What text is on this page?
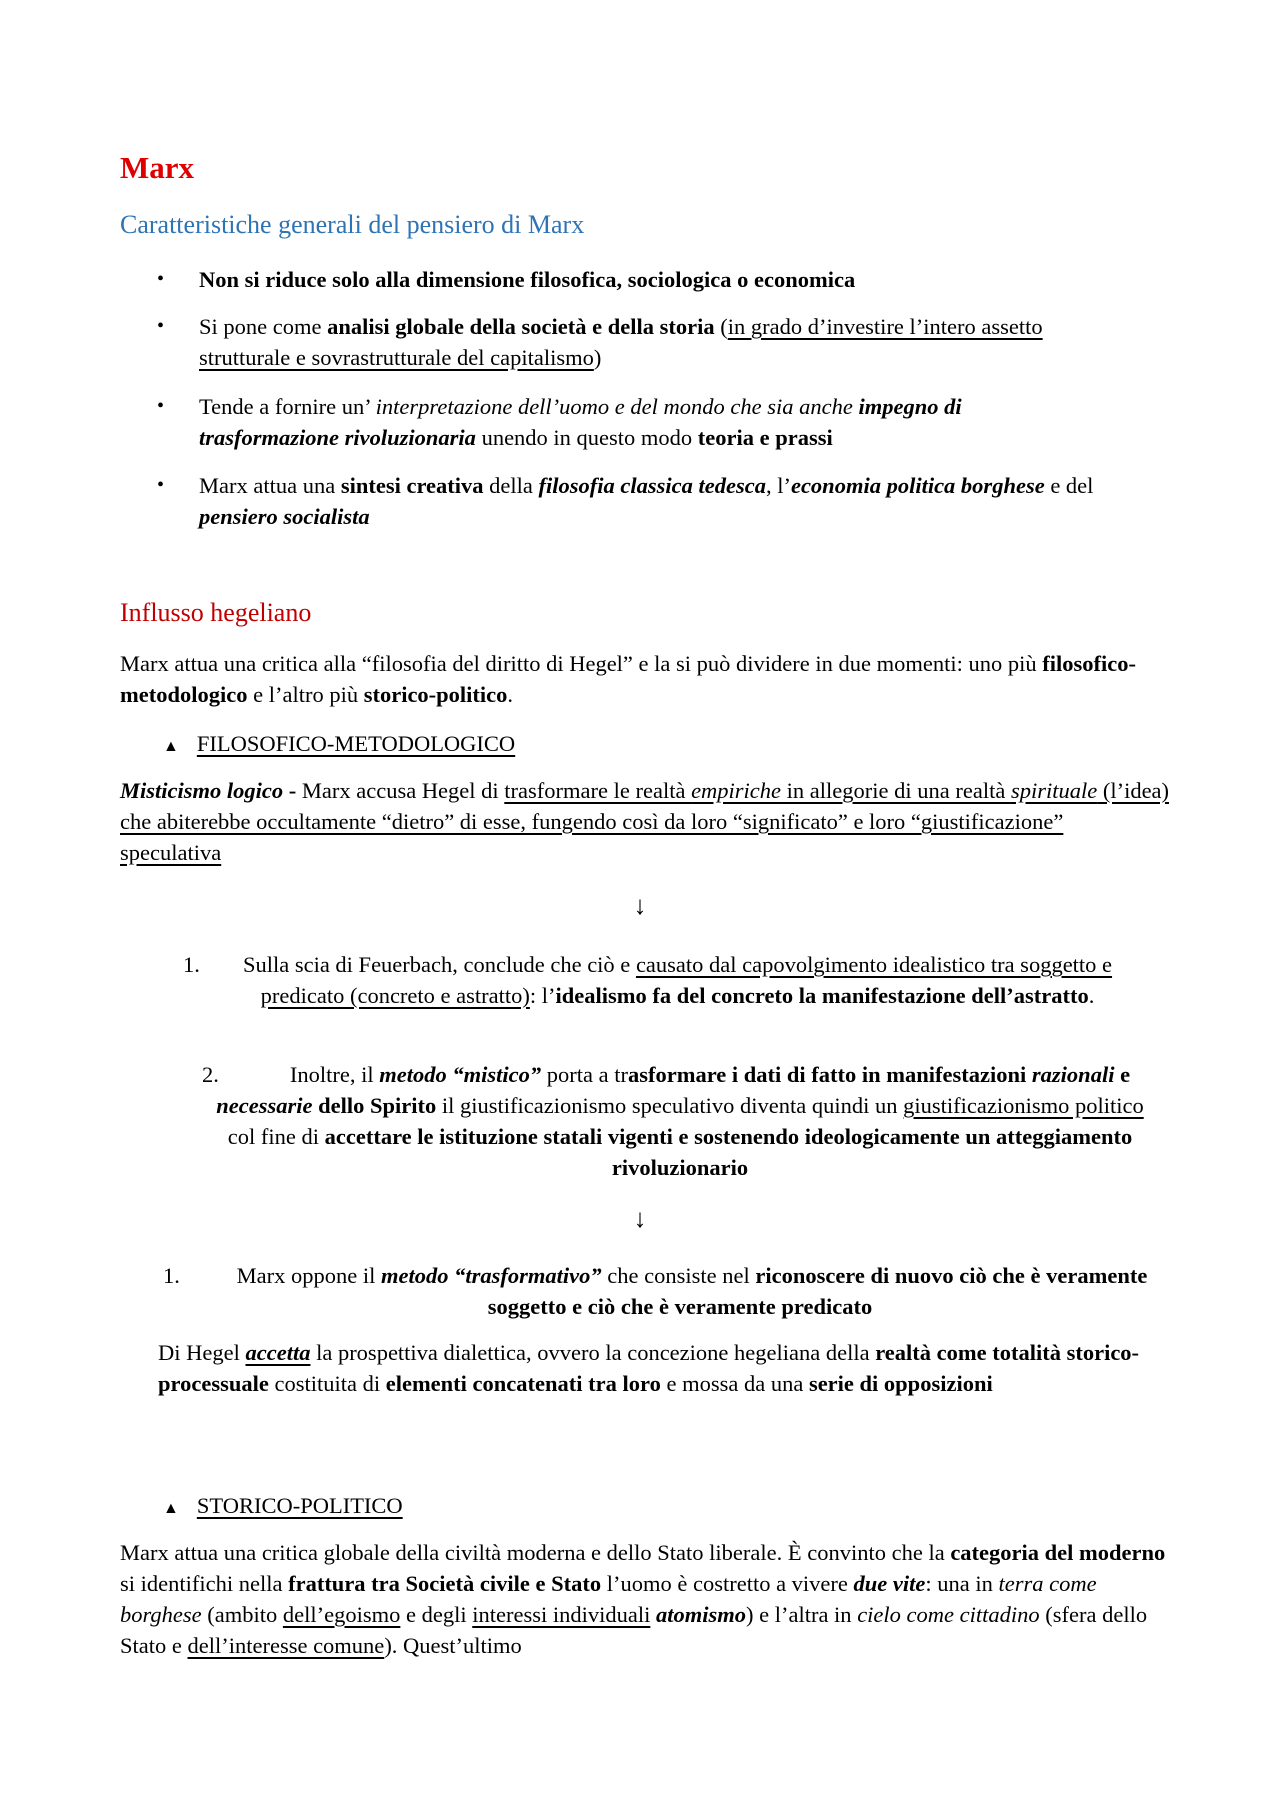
Marx
Caratteristiche generali del pensiero di Marx
• Non si riduce solo alla dimensione filosofica, sociologica o economica
• Si pone come analisi globale della società e della storia (in grado d’investire l’intero assetto strutturale e sovrastrutturale del capitalismo)
• Tende a fornire un’ interpretazione dell’uomo e del mondo che sia anche impegno di trasformazione rivoluzionaria unendo in questo modo teoria e prassi
• Marx attua una sintesi creativa della filosofia classica tedesca, l’economia politica borghese e del pensiero socialista
Influsso hegeliano

Marx attua una critica alla “filosofia del diritto di Hegel” e la si può dividere in due momenti: uno più filosofico-metodologico e l’altro più storico-politico.

▲ FILOSOFICO-METODOLOGICO

Misticismo logico - Marx accusa Hegel di trasformare le realtà empiriche in allegorie di una realtà spirituale (l’idea) che abiterebbe occultamente “dietro” di esse, fungendo così da loro “significato” e loro “giustificazione” speculativa

↓
1.	Sulla scia di Feuerbach, conclude che ciò e causato dal capovolgimento idealistico tra soggetto e predicato (concreto e astratto): l’idealismo fa del concreto la manifestazione dell’astratto.

2.	Inoltre, il metodo “mistico” porta a trasformare i dati di fatto in manifestazioni razionali e necessarie dello Spirito il giustificazionismo speculativo diventa quindi un giustificazionismo politico col fine di accettare le istituzione statali vigenti e sostenendo ideologicamente un atteggiamento rivoluzionario

↓
1.	Marx oppone il metodo “trasformativo” che consiste nel riconoscere di nuovo ciò che è veramente soggetto e ciò che è veramente predicato

Di Hegel accetta la prospettiva dialettica, ovvero la concezione hegeliana della realtà come totalità storico-processuale costituita di elementi concatenati tra loro e mossa da una serie di opposizioni

▲ STORICO-POLITICO

Marx attua una critica globale della civiltà moderna e dello Stato liberale. È convinto che la categoria del moderno si identifichi nella frattura tra Società civile e Stato l’uomo è costretto a vivere due vite: una in terra come borghese (ambito dell’egoismo e degli interessi individuali atomismo) e l’altra in cielo come cittadino (sfera dello Stato e dell’interesse comune). Quest’ultimo
